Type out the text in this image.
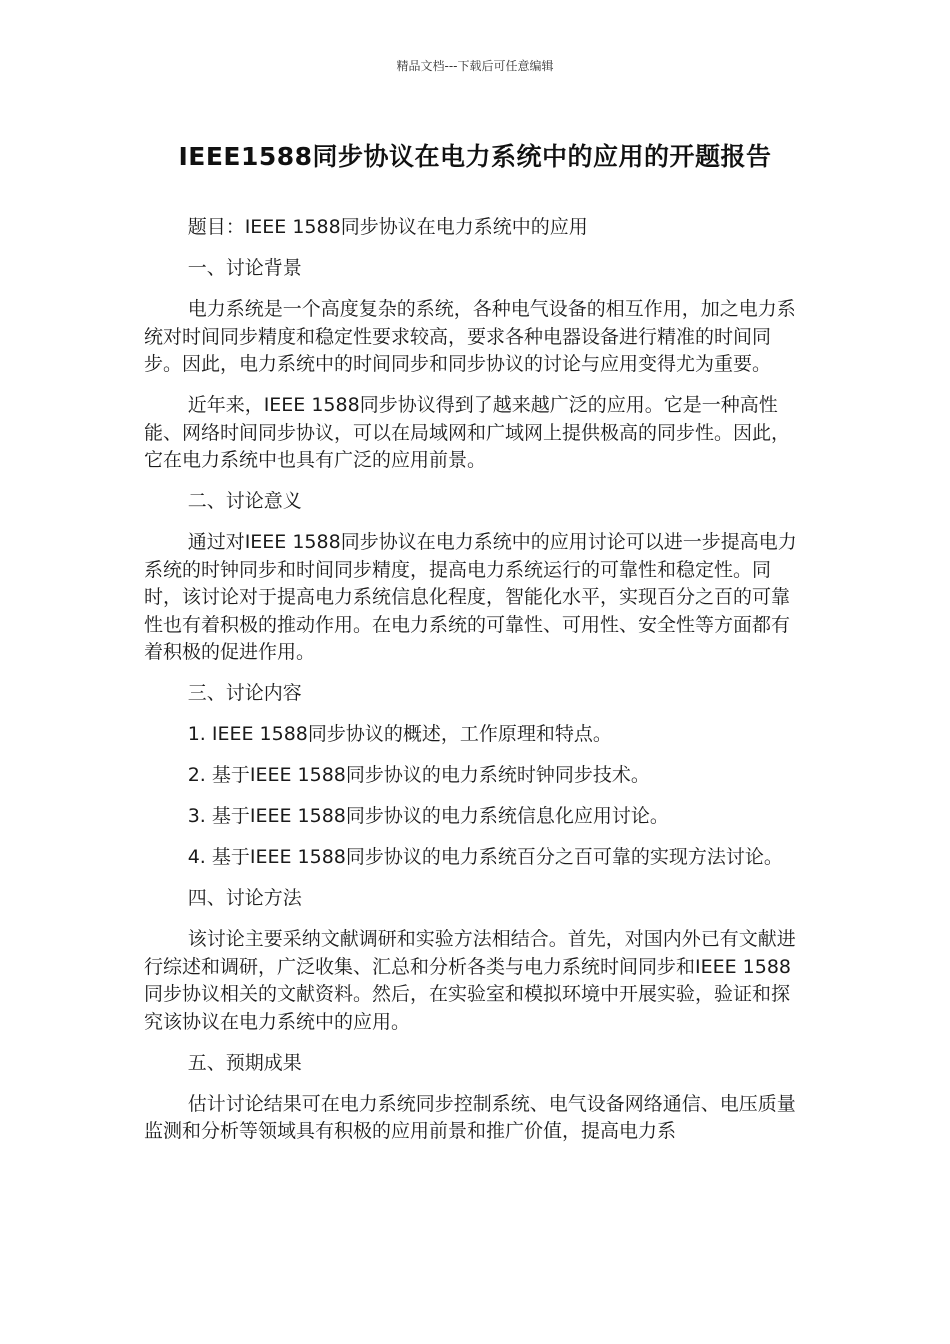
精品文档---下载后可任意编辑
IEEE1588同步协议在电力系统中的应用的开题报告

题目：IEEE 1588同步协议在电力系统中的应用

一、讨论背景

电力系统是一个高度复杂的系统，各种电气设备的相互作用，加之电力系统对时间同步精度和稳定性要求较高，要求各种电器设备进行精准的时间同步。因此，电力系统中的时间同步和同步协议的讨论与应用变得尤为重要。

近年来，IEEE 1588同步协议得到了越来越广泛的应用。它是一种高性能、网络时间同步协议，可以在局域网和广域网上提供极高的同步性。因此，它在电力系统中也具有广泛的应用前景。

二、讨论意义

通过对IEEE 1588同步协议在电力系统中的应用讨论可以进一步提高电力系统的时钟同步和时间同步精度，提高电力系统运行的可靠性和稳定性。同时，该讨论对于提高电力系统信息化程度，智能化水平，实现百分之百的可靠性也有着积极的推动作用。在电力系统的可靠性、可用性、安全性等方面都有着积极的促进作用。

三、讨论内容

1. IEEE 1588同步协议的概述，工作原理和特点。

2. 基于IEEE 1588同步协议的电力系统时钟同步技术。

3. 基于IEEE 1588同步协议的电力系统信息化应用讨论。

4. 基于IEEE 1588同步协议的电力系统百分之百可靠的实现方法讨论。

四、讨论方法

该讨论主要采纳文献调研和实验方法相结合。首先，对国内外已有文献进行综述和调研，广泛收集、汇总和分析各类与电力系统时间同步和IEEE 1588同步协议相关的文献资料。然后，在实验室和模拟环境中开展实验，验证和探究该协议在电力系统中的应用。

五、预期成果

估计讨论结果可在电力系统同步控制系统、电气设备网络通信、电压质量监测和分析等领域具有积极的应用前景和推广价值，提高电力系
